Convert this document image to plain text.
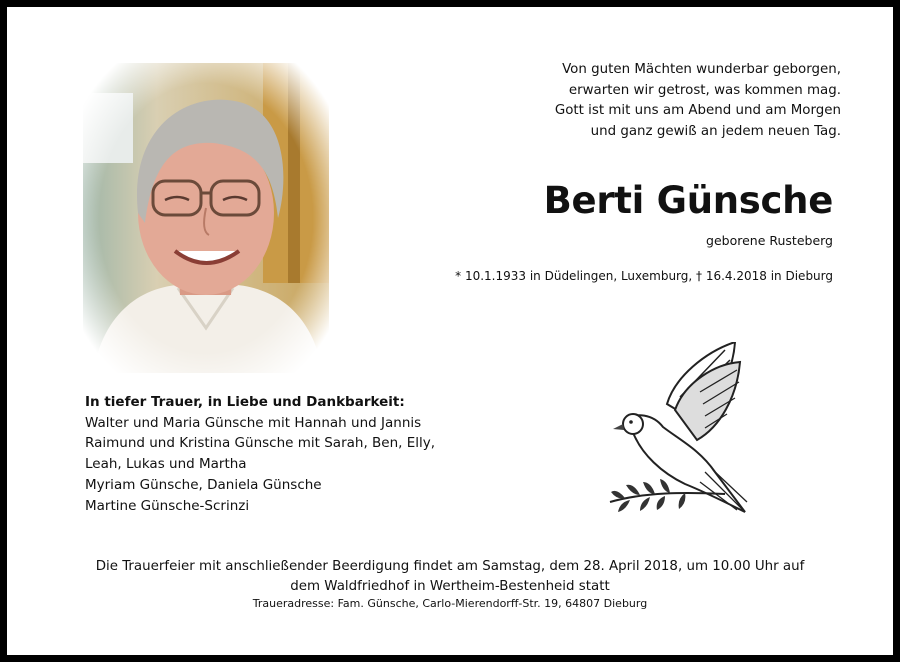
Von guten Mächten wunderbar geborgen,
erwarten wir getrost, was kommen mag.
Gott ist mit uns am Abend und am Morgen
und ganz gewiß an jedem neuen Tag.
Berti Günsche
geborene Rusteberg
* 10.1.1933 in Düdelingen, Luxemburg, † 16.4.2018 in Dieburg
In tiefer Trauer, in Liebe und Dankbarkeit:
Walter und Maria Günsche mit Hannah und Jannis
Raimund und Kristina Günsche mit Sarah, Ben, Elly,
Leah, Lukas und Martha
Myriam Günsche, Daniela Günsche
Martine Günsche-Scrinzi
Die Trauerfeier mit anschließender Beerdigung findet am Samstag, dem 28. April 2018, um 10.00 Uhr auf
dem Waldfriedhof in Wertheim-Bestenheid statt
Traueradresse: Fam. Günsche, Carlo-Mierendorff-Str. 19, 64807 Dieburg
